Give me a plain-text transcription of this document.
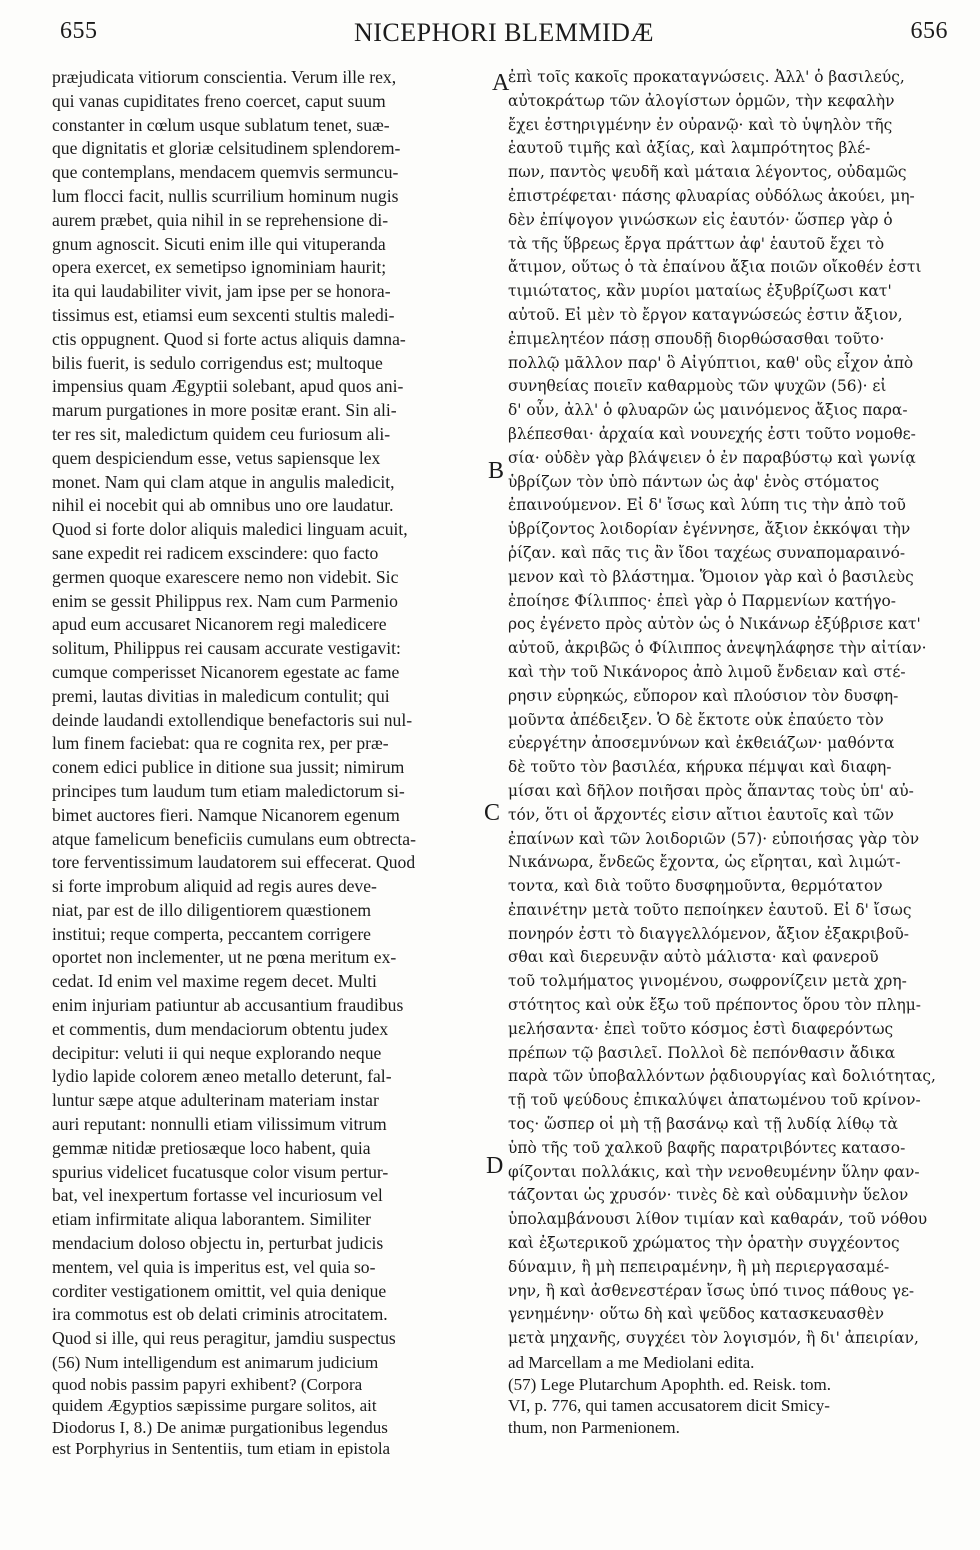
655	NICEPHORI BLEMMIDÆ	656
præjudicata vitiorum conscientia. Verum ille rex,
qui vanas cupiditates freno coercet, caput suum
constanter in cœlum usque sublatum tenet, suæ-
que dignitatis et gloriæ celsitudinem splendorem-
que contemplans, mendacem quemvis sermuncu-
lum flocci facit, nullis scurrilium hominum nugis
aurem præbet, quia nihil in se reprehensione di-
gnum agnoscit. Sicuti enim ille qui vituperanda
opera exercet, ex semetipso ignominiam haurit;
ita qui laudabiliter vivit, jam ipse per se honora-
tissimus est, etiamsi eum sexcenti stultis maledi-
ctis oppugnent. Quod si forte actus aliquis damna-
bilis fuerit, is sedulo corrigendus est; multoque
impensius quam Ægyptii solebant, apud quos ani-
marum purgationes in more positæ erant. Sin ali-
ter res sit, maledictum quidem ceu furiosum ali-
quem despiciendum esse, vetus sapiensque lex
monet. Nam qui clam atque in angulis maledicit,
nihil ei nocebit qui ab omnibus uno ore laudatur.
Quod si forte dolor aliquis maledici linguam acuit,
sane expedit rei radicem exscindere: quo facto
germen quoque exarescere nemo non videbit. Sic
enim se gessit Philippus rex. Nam cum Parmenio
apud eum accusaret Nicanorem regi maledicere
solitum, Philippus rei causam accurate vestigavit:
cumque comperisset Nicanorem egestate ac fame
premi, lautas divitias in maledicum contulit; qui
deinde laudandi extollendique benefactoris sui nul-
lum finem faciebat: qua re cognita rex, per præ-
conem edici publice in ditione sua jussit; nimirum
principes tum laudum tum etiam maledictorum si-
bimet auctores fieri. Namque Nicanorem egenum
atque famelicum beneficiis cumulans eum obtrecta-
tore ferventissimum laudatorem sui effecerat. Quod
si forte improbum aliquid ad regis aures deve-
niat, par est de illo diligentiorem quæstionem
institui; reque comperta, peccantem corrigere
oportet non inclementer, ut ne pœna meritum ex-
cedat. Id enim vel maxime regem decet. Multi
enim injuriam patiuntur ab accusantium fraudibus
et commentis, dum mendaciorum obtentu judex
decipitur: veluti ii qui neque explorando neque
lydio lapide colorem æneo metallo deterunt, fal-
luntur sæpe atque adulterinam materiam instar
auri reputant: nonnulli etiam vilissimum vitrum
gemmæ nitidæ pretiosæque loco habent, quia
spurius videlicet fucatusque color visum pertur-
bat, vel inexpertum fortasse vel incuriosum vel
etiam infirmitate aliqua laborantem. Similiter
mendacium doloso objectu in, perturbat judicis
mentem, vel quia is imperitus est, vel quia so-
corditer vestigationem omittit, vel quia denique
ira commotus est ob delati criminis atrocitatem.
Quod si ille, qui reus peragitur, jamdiu suspectus
ἐπὶ τοῖς κακοῖς προκαταγνώσεις. Ἀλλ' ὁ βασιλεύς,
αὐτοκράτωρ τῶν ἀλογίστων ὁρμῶν, τὴν κεφαλὴν
ἔχει ἐστηριγμένην ἐν οὐρανῷ· καὶ τὸ ὑψηλὸν τῆς
ἑαυτοῦ τιμῆς καὶ ἀξίας, καὶ λαμπρότητος βλέ-
πων, παντὸς ψευδῆ καὶ μάταια λέγοντος, οὐδαμῶς
ἐπιστρέφεται· πάσης φλυαρίας οὐδόλως ἀκούει, μη-
δὲν ἐπίψογον γινώσκων εἰς ἑαυτόν· ὥσπερ γὰρ ὁ
τὰ τῆς ὕβρεως ἔργα πράττων ἀφ' ἑαυτοῦ ἔχει τὸ
ἄτιμον, οὕτως ὁ τὰ ἐπαίνου ἄξια ποιῶν οἴκοθέν ἐστι
τιμιώτατος, κἂν μυρίοι ματαίως ἐξυβρίζωσι κατ'
αὐτοῦ. Εἰ μὲν τὸ ἔργον καταγνώσεώς ἐστιν ἄξιον,
ἐπιμελητέον πάσῃ σπουδῇ διορθώσασθαι τοῦτο·
πολλῷ μᾶλλον παρ' ὃ Αἰγύπτιοι, καθ' οὓς εἶχον ἀπὸ
συνηθείας ποιεῖν καθαρμοὺς τῶν ψυχῶν (56)· εἰ
δ' οὖν, ἀλλ' ὁ φλυαρῶν ὡς μαινόμενος ἄξιος παρα-
βλέπεσθαι· ἀρχαία καὶ νουνεχής ἐστι τοῦτο νομοθε-
σία· οὐδὲν γὰρ βλάψειεν ὁ ἐν παραβύστῳ καὶ γωνίᾳ
ὑβρίζων τὸν ὑπὸ πάντων ὡς ἀφ' ἑνὸς στόματος
ἐπαινούμενον. Εἰ δ' ἴσως καὶ λύπη τις τὴν ἀπὸ τοῦ
ὑβρίζοντος λοιδορίαν ἐγέννησε, ἄξιον ἐκκόψαι τὴν
ῥίζαν. καὶ πᾶς τις ἂν ἴδοι ταχέως συναπομαραινό-
μενον καὶ τὸ βλάστημα. Ὅμοιον γὰρ καὶ ὁ βασιλεὺς
ἐποίησε Φίλιππος· ἐπεὶ γὰρ ὁ Παρμενίων κατήγο-
ρος ἐγένετο πρὸς αὐτὸν ὡς ὁ Νικάνωρ ἐξύβρισε κατ'
αὐτοῦ, ἀκριβῶς ὁ Φίλιππος ἀνεψηλάφησε τὴν αἰτίαν·
καὶ τὴν τοῦ Νικάνορος ἀπὸ λιμοῦ ἔνδειαν καὶ στέ-
ρησιν εὑρηκώς, εὔπορον καὶ πλούσιον τὸν δυσφη-
μοῦντα ἀπέδειξεν. Ὁ δὲ ἔκτοτε οὐκ ἐπαύετο τὸν
εὐεργέτην ἀποσεμνύνων καὶ ἐκθειάζων· μαθόντα
δὲ τοῦτο τὸν βασιλέα, κήρυκα πέμψαι καὶ διαφη-
μίσαι καὶ δῆλον ποιῆσαι πρὸς ἅπαντας τοὺς ὑπ' αὐ-
τόν, ὅτι οἱ ἄρχοντές εἰσιν αἴτιοι ἑαυτοῖς καὶ τῶν
ἐπαίνων καὶ τῶν λοιδοριῶν (57)· εὐποιήσας γὰρ τὸν
Νικάνωρα, ἔνδεῶς ἔχοντα, ὡς εἴρηται, καὶ λιμώτ-
τοντα, καὶ διὰ τοῦτο δυσφημοῦντα, θερμότατον
ἐπαινέτην μετὰ τοῦτο πεποίηκεν ἑαυτοῦ. Εἰ δ' ἴσως
πονηρόν ἐστι τὸ διαγγελλόμενον, ἄξιον ἐξακριβοῦ-
σθαι καὶ διερευνᾷν αὐτὸ μάλιστα· καὶ φανεροῦ
τοῦ τολμήματος γινομένου, σωφρονίζειν μετὰ χρη-
στότητος καὶ οὐκ ἔξω τοῦ πρέποντος ὅρου τὸν πλημ-
μελήσαντα· ἐπεὶ τοῦτο κόσμος ἐστὶ διαφερόντως
πρέπων τῷ βασιλεῖ. Πολλοὶ δὲ πεπόνθασιν ἄδικα
παρὰ τῶν ὑποβαλλόντων ῥᾳδιουργίας καὶ δολιότητας,
τῇ τοῦ ψεύδους ἐπικαλύψει ἀπατωμένου τοῦ κρίνον-
τος· ὥσπερ οἱ μὴ τῇ βασάνῳ καὶ τῇ λυδίᾳ λίθῳ τὰ
ὑπὸ τῆς τοῦ χαλκοῦ βαφῆς παρατριβόντες κατασο-
φίζονται πολλάκις, καὶ τὴν νενοθευμένην ὕλην φαν-
τάζονται ὡς χρυσόν· τινὲς δὲ καὶ οὐδαμινὴν ὕελον
ὑπολαμβάνουσι λίθον τιμίαν καὶ καθαράν, τοῦ νόθου
καὶ ἐξωτερικοῦ χρώματος τὴν ὁρατὴν συγχέοντος
δύναμιν, ἢ μὴ πεπειραμένην, ἢ μὴ περιεργασαμέ-
νην, ἢ καὶ ἀσθενεστέραν ἴσως ὑπό τινος πάθους γε-
γενημένην· οὕτω δὴ καὶ ψεῦδος κατασκευασθὲν
μετὰ μηχανῆς, συγχέει τὸν λογισμόν, ἢ δι' ἀπειρίαν,
A
B
C
D
(56) Num intelligendum est animarum judicium
quod nobis passim papyri exhibent? (Corpora
quidem Ægyptios sæpissime purgare solitos, ait
Diodorus I, 8.) De animæ purgationibus legendus
est Porphyrius in Sententiis, tum etiam in epistola
ad Marcellam a me Mediolani edita.
(57) Lege Plutarchum Apophth. ed. Reisk. tom.
VI, p. 776, qui tamen accusatorem dicit Smicy-
thum, non Parmenionem.
